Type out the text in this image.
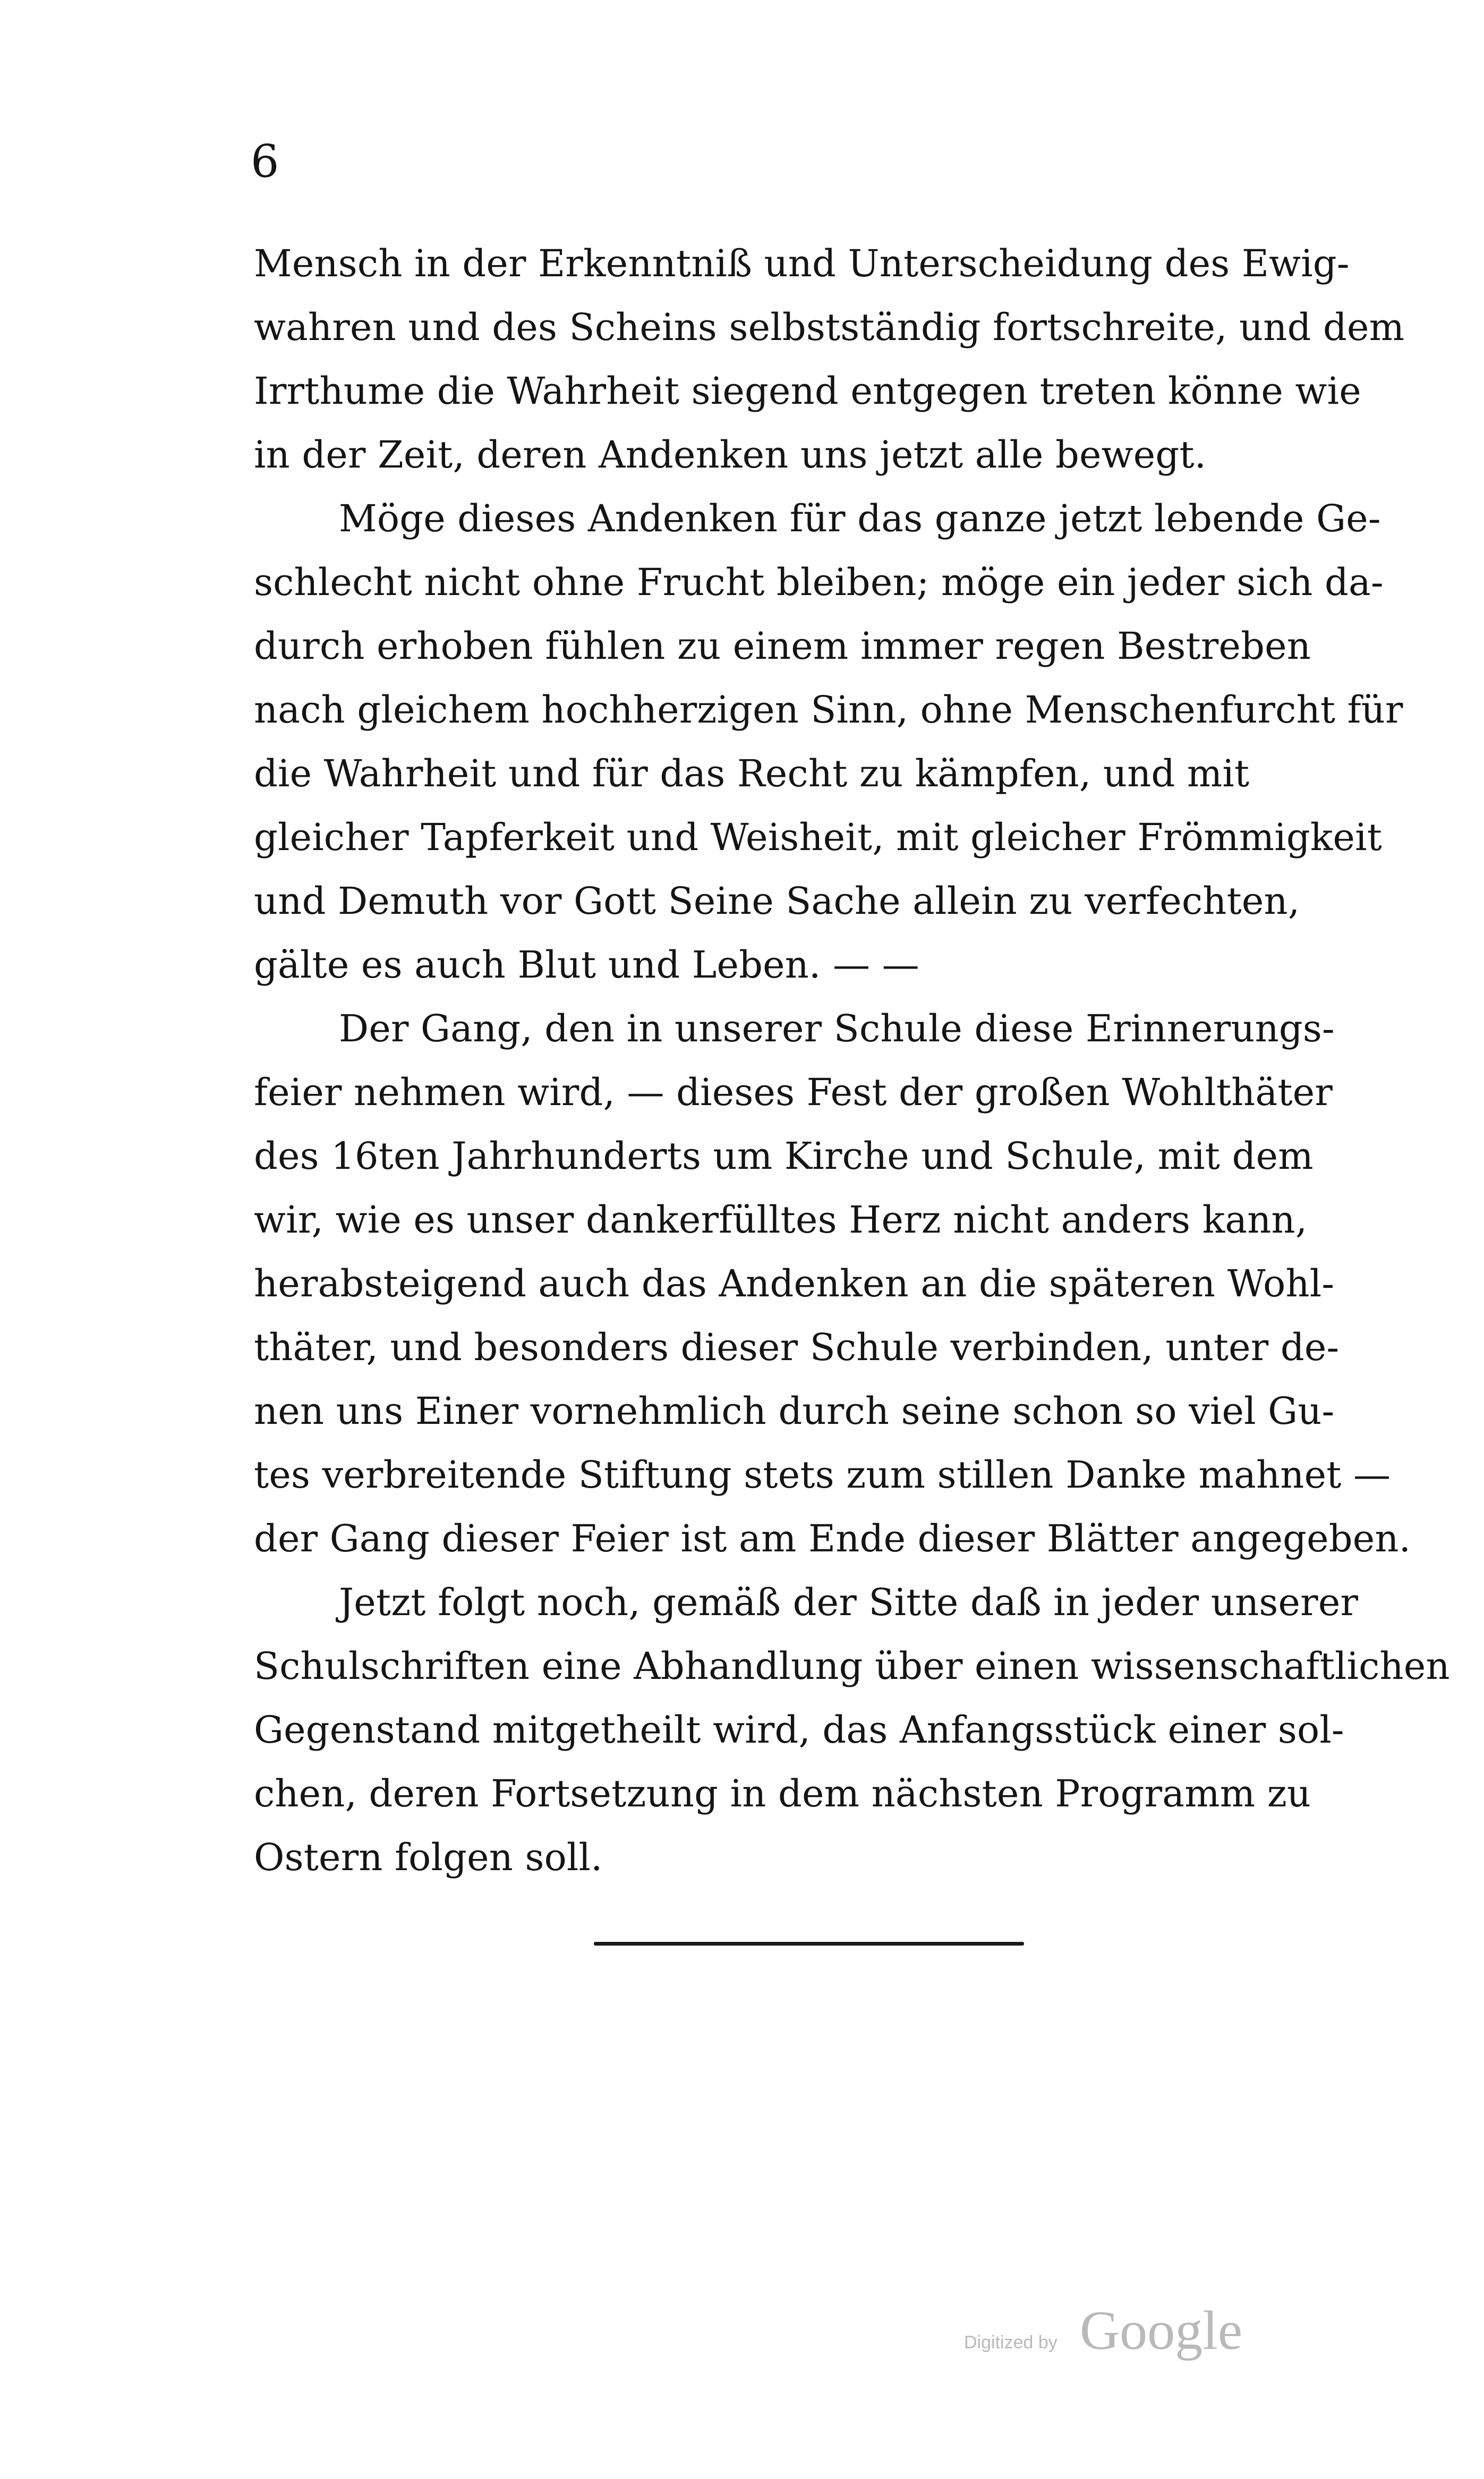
6
Mensch in der Erkenntniß und Unterscheidung des Ewig-
wahren und des Scheins selbstständig fortschreite, und dem
Irrthume die Wahrheit siegend entgegen treten könne wie
in der Zeit, deren Andenken uns jetzt alle bewegt.
Möge dieses Andenken für das ganze jetzt lebende Ge-
schlecht nicht ohne Frucht bleiben; möge ein jeder sich da-
durch erhoben fühlen zu einem immer regen Bestreben
nach gleichem hochherzigen Sinn, ohne Menschenfurcht für
die Wahrheit und für das Recht zu kämpfen, und mit
gleicher Tapferkeit und Weisheit, mit gleicher Frömmigkeit
und Demuth vor Gott Seine Sache allein zu verfechten,
gälte es auch Blut und Leben. — —
Der Gang, den in unserer Schule diese Erinnerungs-
feier nehmen wird, — dieses Fest der großen Wohlthäter
des 16ten Jahrhunderts um Kirche und Schule, mit dem
wir, wie es unser dankerfülltes Herz nicht anders kann,
herabsteigend auch das Andenken an die späteren Wohl-
thäter, und besonders dieser Schule verbinden, unter de-
nen uns Einer vornehmlich durch seine schon so viel Gu-
tes verbreitende Stiftung stets zum stillen Danke mahnet —
der Gang dieser Feier ist am Ende dieser Blätter angegeben.
Jetzt folgt noch, gemäß der Sitte daß in jeder unserer
Schulschriften eine Abhandlung über einen wissenschaftlichen
Gegenstand mitgetheilt wird, das Anfangsstück einer sol-
chen, deren Fortsetzung in dem nächsten Programm zu
Ostern folgen soll.
Digitized by Google
